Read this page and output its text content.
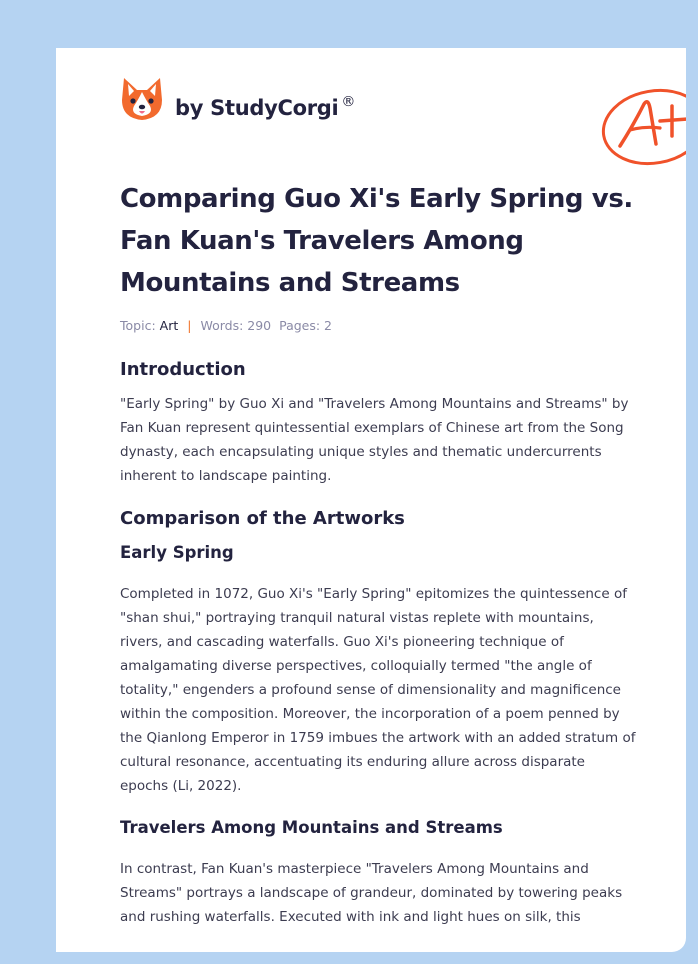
by StudyCorgi ®
Comparing Guo Xi's Early Spring vs. Fan Kuan's Travelers Among Mountains and Streams
Topic: Art | Words: 290 Pages: 2
Introduction

"Early Spring" by Guo Xi and "Travelers Among Mountains and Streams" by Fan Kuan represent quintessential exemplars of Chinese art from the Song dynasty, each encapsulating unique styles and thematic undercurrents inherent to landscape painting.

Comparison of the Artworks
Early Spring

Completed in 1072, Guo Xi's "Early Spring" epitomizes the quintessence of "shan shui," portraying tranquil natural vistas replete with mountains, rivers, and cascading waterfalls. Guo Xi's pioneering technique of amalgamating diverse perspectives, colloquially termed "the angle of totality," engenders a profound sense of dimensionality and magnificence within the composition. Moreover, the incorporation of a poem penned by the Qianlong Emperor in 1759 imbues the artwork with an added stratum of cultural resonance, accentuating its enduring allure across disparate epochs (Li, 2022).

Travelers Among Mountains and Streams

In contrast, Fan Kuan's masterpiece "Travelers Among Mountains and Streams" portrays a landscape of grandeur, dominated by towering peaks and rushing waterfalls. Executed with ink and light hues on silk, this
